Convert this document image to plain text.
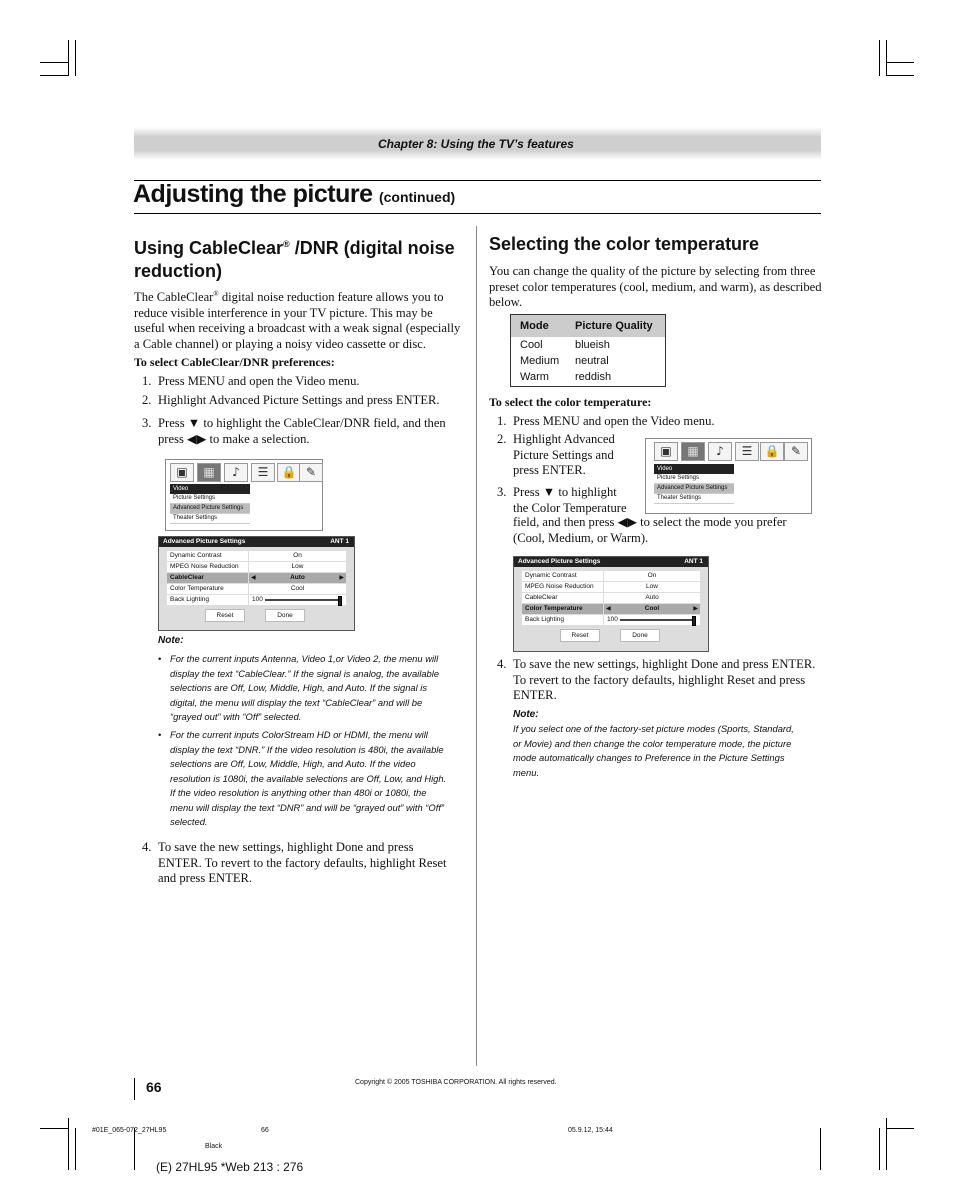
Chapter 8: Using the TV’s features
Adjusting the picture (continued)
Using CableClear® /DNR (digital noise reduction)
The CableClear® digital noise reduction feature allows you to reduce visible interference in your TV picture. This may be useful when receiving a broadcast with a weak signal (especially a Cable channel) or playing a noisy video cassette or disc.
To select CableClear/DNR preferences:
1. Press MENU and open the Video menu.
2. Highlight Advanced Picture Settings and press ENTER.
3. Press ▼ to highlight the CableClear/DNR field, and then press ◀▶ to make a selection.
▣	▦	♪	☰	🔒 ✎
Video
Picture Settings
Advanced Picture Settings
Theater Settings
Advanced Picture Settings	ANT 1
Dynamic Contrast	On
MPEG Noise Reduction	Low
CableClear	Auto
◀	▶
Color Temperature	Cool
Back Lighting	100
Reset	Done
Note:
• For the current inputs Antenna, Video 1,or Video 2, the menu will display the text “CableClear.” If the signal is analog, the available selections are Off, Low, Middle, High, and Auto. If the signal is digital, the menu will display the text “CableClear” and will be “grayed out” with “Off” selected.
• For the current inputs ColorStream HD or HDMI, the menu will display the text “DNR.” If the video resolution is 480i, the available selections are Off, Low, Middle, High, and Auto. If the video resolution is 1080i, the available selections are Off, Low, and High. If the video resolution is anything other than 480i or 1080i, the menu will display the text “DNR” and will be “grayed out” with “Off” selected.
4. To save the new settings, highlight Done and press ENTER. To revert to the factory defaults, highlight Reset and press ENTER.
Selecting the color temperature
You can change the quality of the picture by selecting from three preset color temperatures (cool, medium, and warm), as described below.
Mode Picture Quality
Cool	blueish
Medium neutral
Warm reddish
To select the color temperature:
1. Press MENU and open the Video menu.
2. Highlight Advanced Picture Settings and press ENTER.
3. Press ▼ to highlight the Color Temperature
field, and then press ◀▶ to select the mode you prefer (Cool, Medium, or Warm).
▣	▦	♪	☰	🔒 ✎
Video
Picture Settings
Advanced Picture Settings
Theater Settings
Advanced Picture Settings	ANT 1
Dynamic Contrast	On
MPEG Noise Reduction	Low
CableClear	Auto
Color Temperature	Cool
◀	▶
Back Lighting	100
Reset	Done
4. To save the new settings, highlight Done and press ENTER. To revert to the factory defaults, highlight Reset and press ENTER.
Note:
If you select one of the factory-set picture modes (Sports, Standard, or Movie) and then change the color temperature mode, the picture mode automatically changes to Preference in the Picture Settings menu.
66	Copyright © 2005 TOSHIBA CORPORATION. All rights reserved.
#01E_065-072_27HL95	66	05.9.12, 15:44
Black
(E) 27HL95 *Web 213 : 276
